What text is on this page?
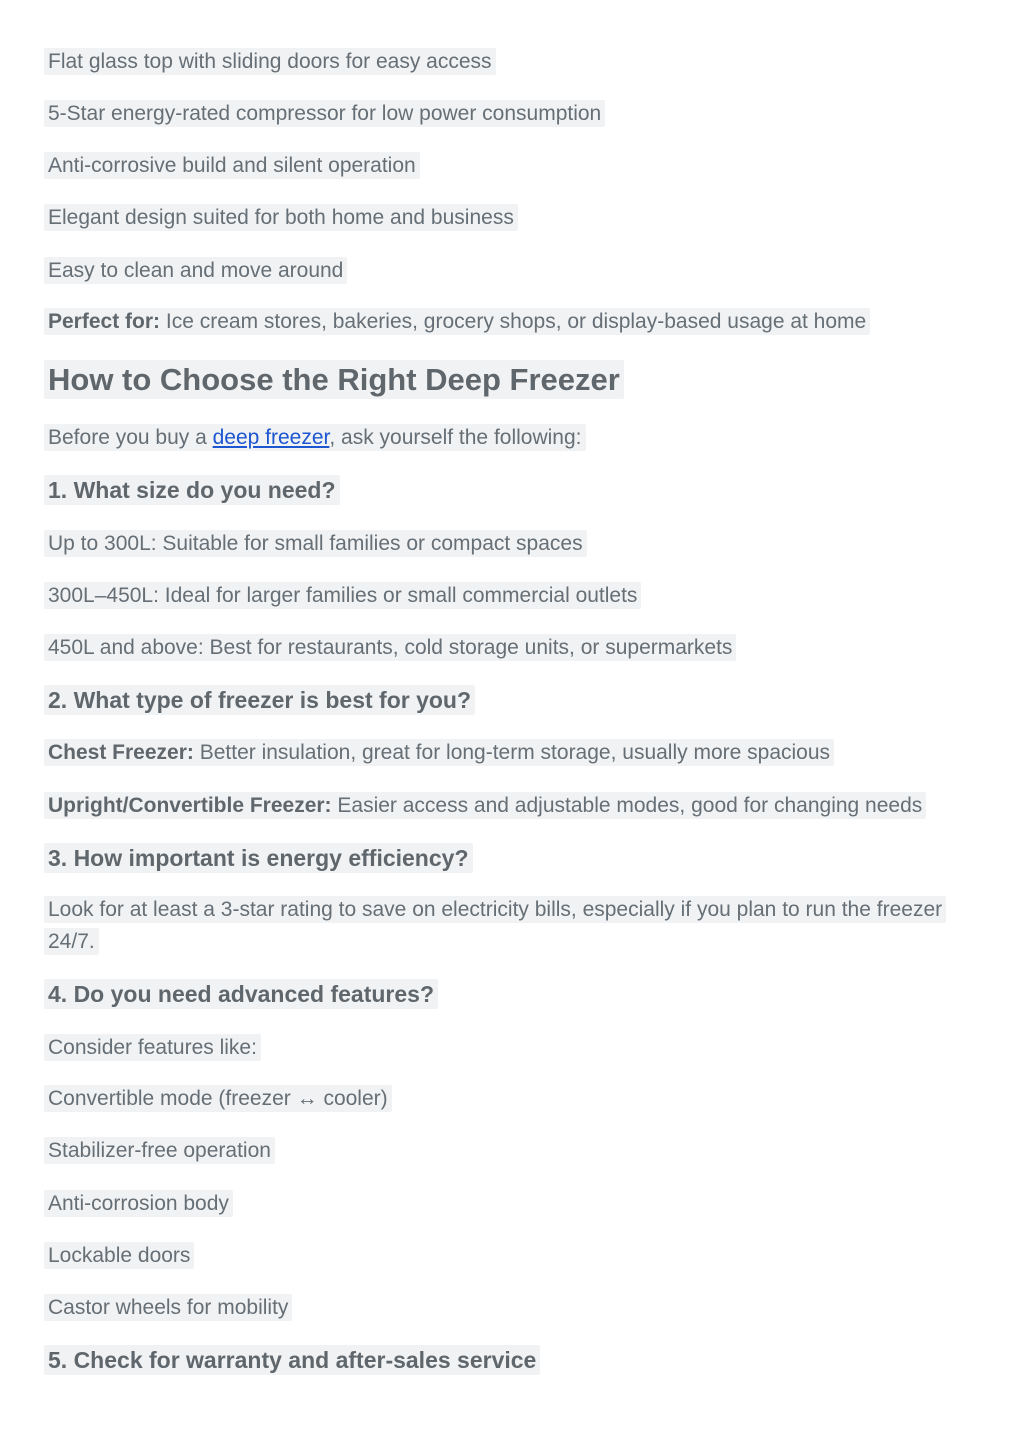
Flat glass top with sliding doors for easy access
5-Star energy-rated compressor for low power consumption
Anti-corrosive build and silent operation
Elegant design suited for both home and business
Easy to clean and move around
Perfect for: Ice cream stores, bakeries, grocery shops, or display-based usage at home
How to Choose the Right Deep Freezer
Before you buy a deep freezer, ask yourself the following:
1. What size do you need?
Up to 300L: Suitable for small families or compact spaces
300L–450L: Ideal for larger families or small commercial outlets
450L and above: Best for restaurants, cold storage units, or supermarkets
2. What type of freezer is best for you?
Chest Freezer: Better insulation, great for long-term storage, usually more spacious
Upright/Convertible Freezer: Easier access and adjustable modes, good for changing needs
3. How important is energy efficiency?
Look for at least a 3-star rating to save on electricity bills, especially if you plan to run the freezer 24/7.
4. Do you need advanced features?
Consider features like:
Convertible mode (freezer ↔ cooler)
Stabilizer-free operation
Anti-corrosion body
Lockable doors
Castor wheels for mobility
5. Check for warranty and after-sales service
